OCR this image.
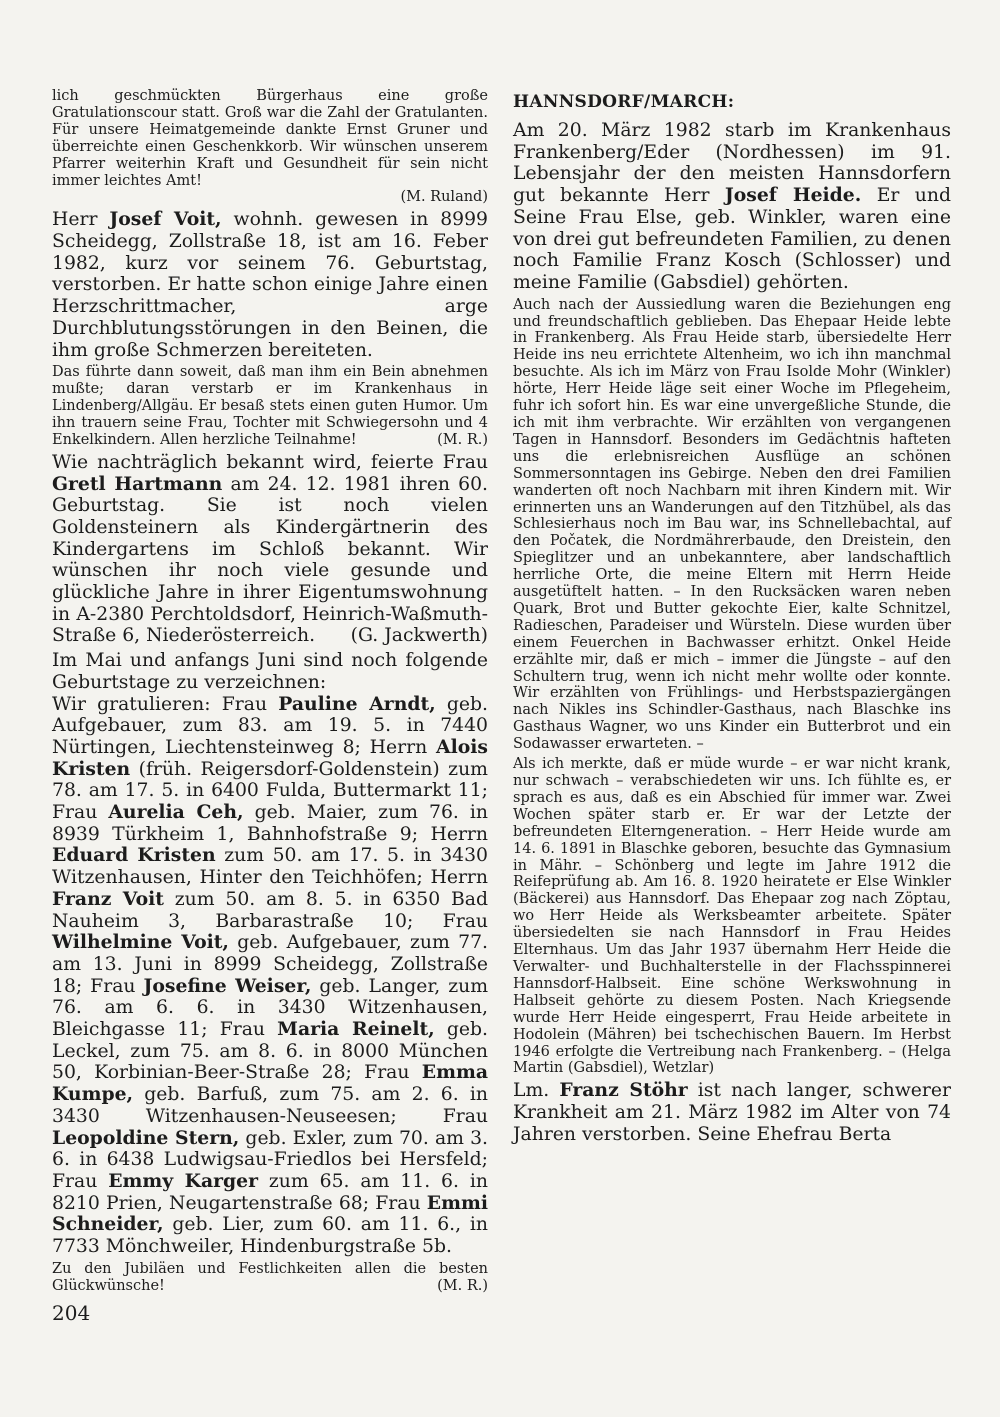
lich geschmückten Bürgerhaus eine große Gratulationscour statt. Groß war die Zahl der Gratulanten. Für unsere Heimatgemeinde dankte Ernst Gruner und überreichte einen Geschenkkorb. Wir wünschen unserem Pfarrer weiterhin Kraft und Gesundheit für sein nicht immer leichtes Amt!
(M. Ruland)

Herr Josef Voit, wohnh. gewesen in 8999 Scheidegg, Zollstraße 18, ist am 16. Feber 1982, kurz vor seinem 76. Geburtstag, verstorben. Er hatte schon einige Jahre einen Herzschrittmacher, arge Durchblutungsstörungen in den Beinen, die ihm große Schmerzen bereiteten.

Das führte dann soweit, daß man ihm ein Bein abnehmen mußte; daran verstarb er im Krankenhaus in Lindenberg/Allgäu. Er besaß stets einen guten Humor. Um ihn trauern seine Frau, Tochter mit Schwiegersohn und 4 Enkelkindern. Allen herzliche Teilnahme!	(M. R.)

Wie nachträglich bekannt wird, feierte Frau Gretl Hartmann am 24. 12. 1981 ihren 60. Geburtstag. Sie ist noch vielen Goldensteinern als Kindergärtnerin des Kindergartens im Schloß bekannt. Wir wünschen ihr noch viele gesunde und glückliche Jahre in ihrer Eigentumswohnung in A-2380 Perchtoldsdorf, Heinrich-Waßmuth-Straße 6, Niederösterreich. (G. Jackwerth)

Im Mai und anfangs Juni sind noch folgende Geburtstage zu verzeichnen:
Wir gratulieren: Frau Pauline Arndt, geb. Aufgebauer, zum 83. am 19. 5. in 7440 Nürtingen, Liechtensteinweg 8; Herrn Alois Kristen (früh. Reigersdorf-Goldenstein) zum 78. am 17. 5. in 6400 Fulda, Buttermarkt 11; Frau Aurelia Ceh, geb. Maier, zum 76. in 8939 Türkheim 1, Bahnhofstraße 9; Herrn Eduard Kristen zum 50. am 17. 5. in 3430 Witzenhausen, Hinter den Teichhöfen; Herrn Franz Voit zum 50. am 8. 5. in 6350 Bad Nauheim 3, Barbarastraße 10; Frau Wilhelmine Voit, geb. Aufgebauer, zum 77. am 13. Juni in 8999 Scheidegg, Zollstraße 18; Frau Josefine Weiser, geb. Langer, zum 76. am 6. 6. in 3430 Witzenhausen, Bleichgasse 11; Frau Maria Reinelt, geb. Leckel, zum 75. am 8. 6. in 8000 München 50, Korbinian-Beer-Straße 28; Frau Emma Kumpe, geb. Barfuß, zum 75. am 2. 6. in 3430 Witzenhausen-Neuseesen; Frau Leopoldine Stern, geb. Exler, zum 70. am 3. 6. in 6438 Ludwigsau-Friedlos bei Hersfeld; Frau Emmy Karger zum 65. am 11. 6. in 8210 Prien, Neugartenstraße 68; Frau Emmi Schneider, geb. Lier, zum 60. am 11. 6., in 7733 Mönchweiler, Hindenburgstraße 5b.

Zu den Jubiläen und Festlichkeiten allen die besten Glückwünsche!	(M. R.)

HANNSDORF/MARCH:

Am 20. März 1982 starb im Krankenhaus Frankenberg/Eder (Nordhessen) im 91. Lebensjahr der den meisten Hannsdorfern gut bekannte Herr Josef Heide. Er und Seine Frau Else, geb. Winkler, waren eine von drei gut befreundeten Familien, zu denen noch Familie Franz Kosch (Schlosser) und meine Familie (Gabsdiel) gehörten.

Auch nach der Aussiedlung waren die Beziehungen eng und freundschaftlich geblieben. Das Ehepaar Heide lebte in Frankenberg. Als Frau Heide starb, übersiedelte Herr Heide ins neu errichtete Altenheim, wo ich ihn manchmal besuchte. Als ich im März von Frau Isolde Mohr (Winkler) hörte, Herr Heide läge seit einer Woche im Pflegeheim, fuhr ich sofort hin. Es war eine unvergeßliche Stunde, die ich mit ihm verbrachte. Wir erzählten von vergangenen Tagen in Hannsdorf. Besonders im Gedächtnis hafteten uns die erlebnisreichen Ausflüge an schönen Sommersonntagen ins Gebirge. Neben den drei Familien wanderten oft noch Nachbarn mit ihren Kindern mit. Wir erinnerten uns an Wanderungen auf den Titzhübel, als das Schlesierhaus noch im Bau war, ins Schnellebachtal, auf den Počatek, die Nordmährerbaude, den Dreistein, den Spieglitzer und an unbekanntere, aber landschaftlich herrliche Orte, die meine Eltern mit Herrn Heide ausgetüftelt hatten. – In den Rucksäcken waren neben Quark, Brot und Butter gekochte Eier, kalte Schnitzel, Radieschen, Paradeiser und Würsteln. Diese wurden über einem Feuerchen in Bachwasser erhitzt. Onkel Heide erzählte mir, daß er mich – immer die Jüngste – auf den Schultern trug, wenn ich nicht mehr wollte oder konnte. Wir erzählten von Frühlings- und Herbstspaziergängen nach Nikles ins Schindler-Gasthaus, nach Blaschke ins Gasthaus Wagner, wo uns Kinder ein Butterbrot und ein Sodawasser erwarteten. –

Als ich merkte, daß er müde wurde – er war nicht krank, nur schwach – verabschiedeten wir uns. Ich fühlte es, er sprach es aus, daß es ein Abschied für immer war. Zwei Wochen später starb er. Er war der Letzte der befreundeten Elterngeneration. – Herr Heide wurde am 14. 6. 1891 in Blaschke geboren, besuchte das Gymnasium in Mähr. – Schönberg und legte im Jahre 1912 die Reifeprüfung ab. Am 16. 8. 1920 heiratete er Else Winkler (Bäckerei) aus Hannsdorf. Das Ehepaar zog nach Zöptau, wo Herr Heide als Werksbeamter arbeitete. Später übersiedelten sie nach Hannsdorf in Frau Heides Elternhaus. Um das Jahr 1937 übernahm Herr Heide die Verwalter- und Buchhalterstelle in der Flachsspinnerei Hannsdorf-Halbseit. Eine schöne Werkswohnung in Halbseit gehörte zu diesem Posten. Nach Kriegsende wurde Herr Heide eingesperrt, Frau Heide arbeitete in Hodolein (Mähren) bei tschechischen Bauern. Im Herbst 1946 erfolgte die Vertreibung nach Frankenberg. – (Helga Martin (Gabsdiel), Wetzlar)

Lm. Franz Stöhr ist nach langer, schwerer Krankheit am 21. März 1982 im Alter von 74 Jahren verstorben. Seine Ehefrau Berta

204
